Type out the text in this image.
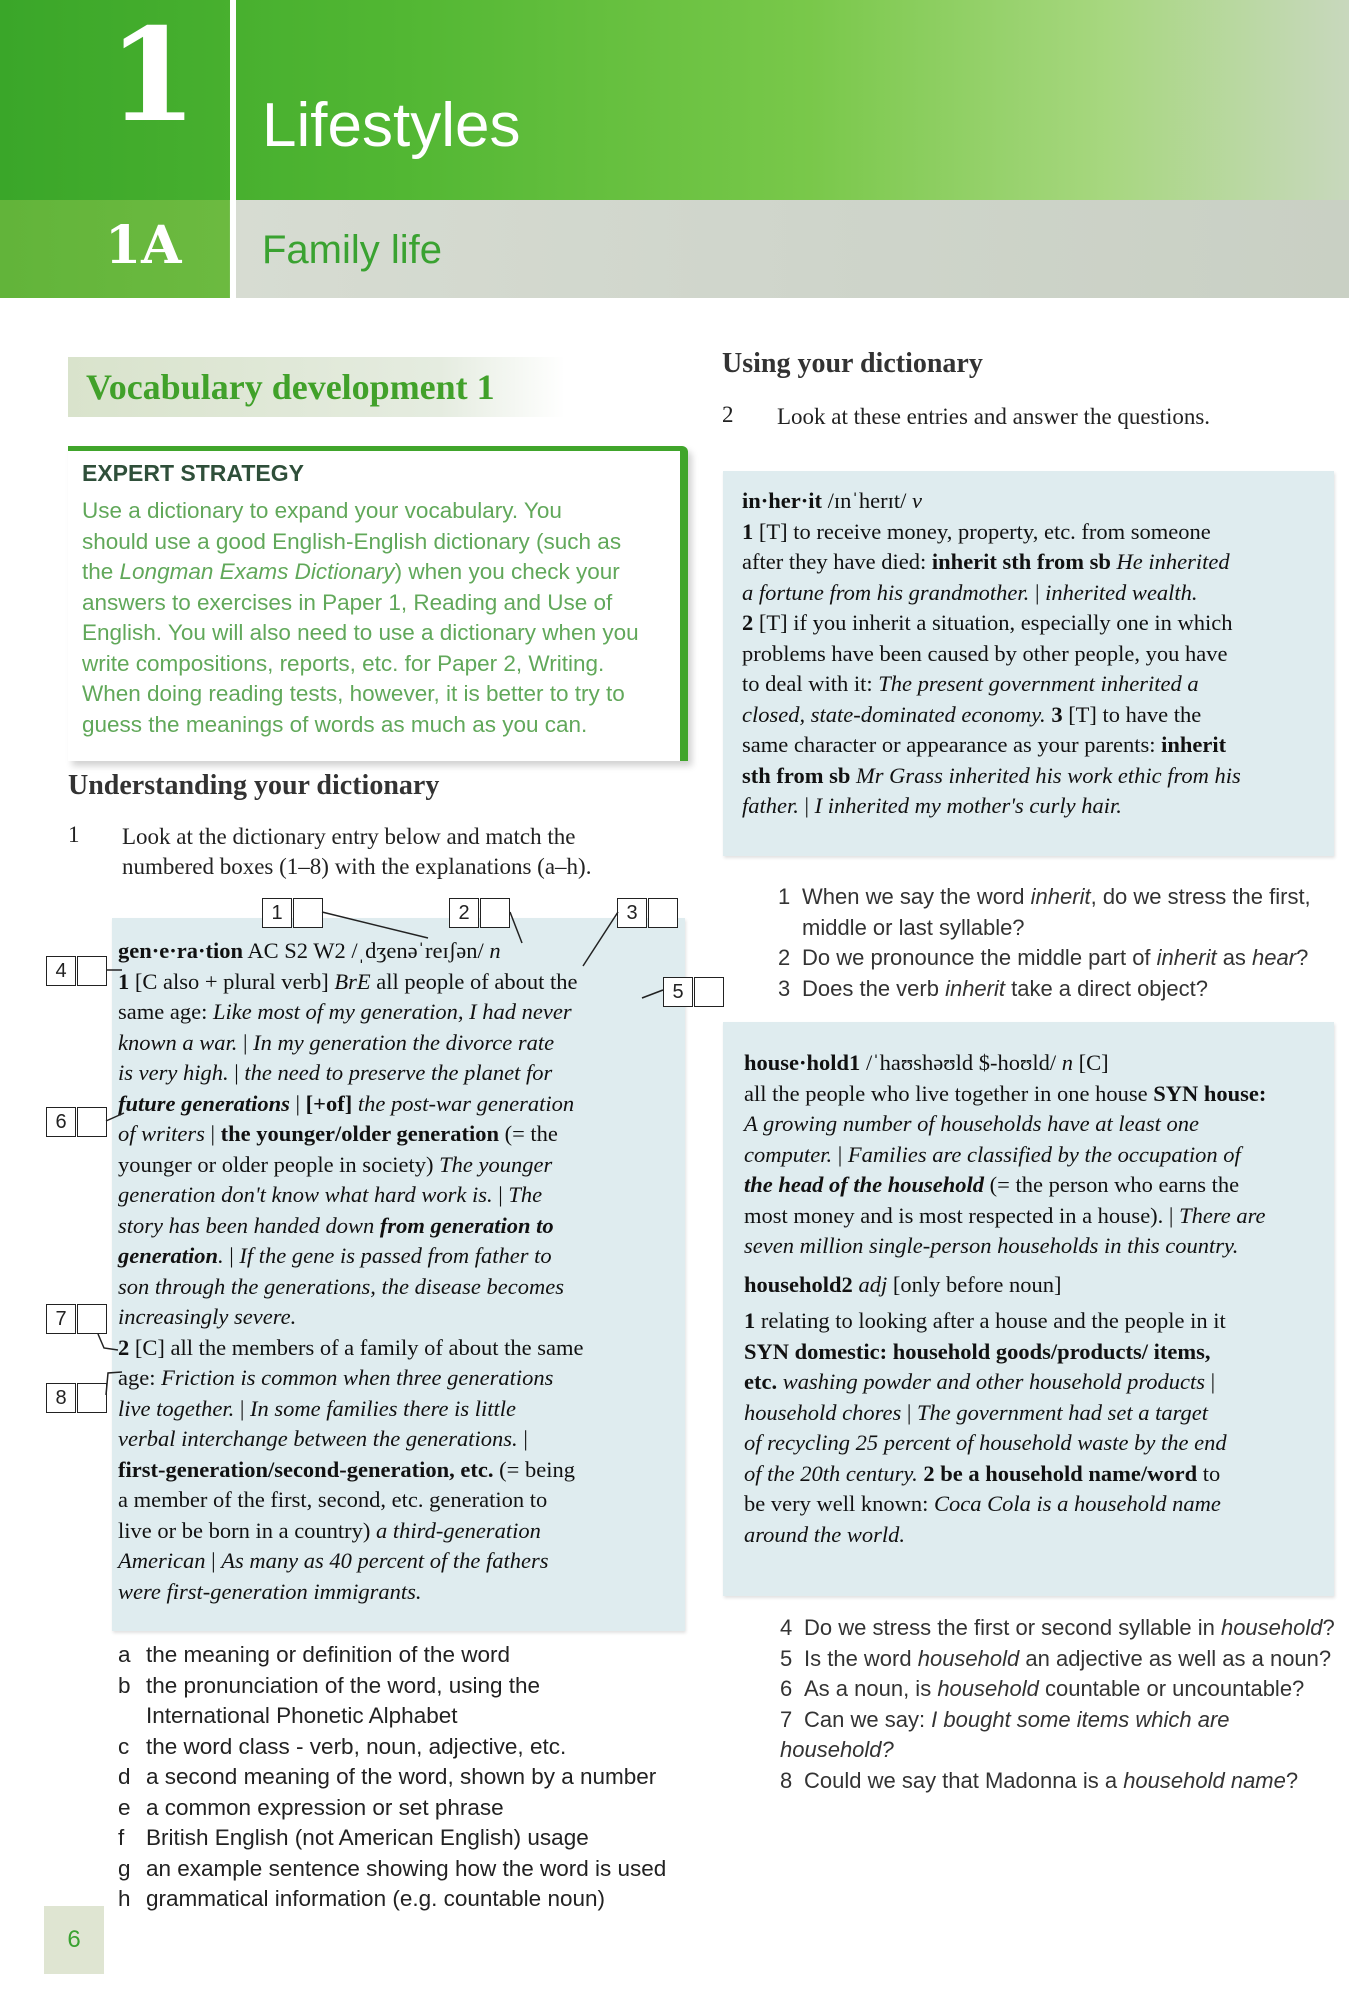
1 Lifestyles
1A Family life
Vocabulary development 1
EXPERT STRATEGY
Use a dictionary to expand your vocabulary. You
should use a good English-English dictionary (such as
the Longman Exams Dictionary) when you check your
answers to exercises in Paper 1, Reading and Use of
English. You will also need to use a dictionary when you
write compositions, reports, etc. for Paper 2, Writing.
When doing reading tests, however, it is better to try to
guess the meanings of words as much as you can.
Understanding your dictionary
1 Look at the dictionary entry below and match the
numbered boxes (1–8) with the explanations (a–h).
gen·e·ra·tion AC S2 W2 /ˌdʒenəˈreɪʃən/ n
1 [C also + plural verb] BrE all people of about the
same age: Like most of my generation, I had never
known a war. | In my generation the divorce rate
is very high. | the need to preserve the planet for
future generations | [+of] the post-war generation
of writers | the younger/older generation (= the
younger or older people in society) The younger
generation don't know what hard work is. | The
story has been handed down from generation to
generation. | If the gene is passed from father to
son through the generations, the disease becomes
increasingly severe.
2 [C] all the members of a family of about the same
age: Friction is common when three generations
live together. | In some families there is little
verbal interchange between the generations. |
first-generation/second-generation, etc. (= being
a member of the first, second, etc. generation to
live or be born in a country) a third-generation
American | As many as 40 percent of the fathers
were first-generation immigrants.
1	2	3
4
5
6
7
8
a the meaning or definition of the word
b the pronunciation of the word, using the
International Phonetic Alphabet
c the word class - verb, noun, adjective, etc.
d a second meaning of the word, shown by a number
e a common expression or set phrase
f British English (not American English) usage
g an example sentence showing how the word is used
h grammatical information (e.g. countable noun)
Using your dictionary
2 Look at these entries and answer the questions.
in·her·it /ɪnˈherɪt/ v
1 [T] to receive money, property, etc. from someone
after they have died: inherit sth from sb He inherited
a fortune from his grandmother. | inherited wealth.
2 [T] if you inherit a situation, especially one in which
problems have been caused by other people, you have
to deal with it: The present government inherited a
closed, state-dominated economy. 3 [T] to have the
same character or appearance as your parents: inherit
sth from sb Mr Grass inherited his work ethic from his
father. | I inherited my mother's curly hair.
1 When we say the word inherit, do we stress the first,
middle or last syllable?
2 Do we pronounce the middle part of inherit as hear?
3 Does the verb inherit take a direct object?
house·hold1 /ˈhaʊshəʊld $-hoʊld/ n [C]
all the people who live together in one house SYN house:
A growing number of households have at least one
computer. | Families are classified by the occupation of
the head of the household (= the person who earns the
most money and is most respected in a house). | There are
seven million single-person households in this country.
household2 adj [only before noun]
1 relating to looking after a house and the people in it
SYN domestic: household goods/products/ items,
etc. washing powder and other household products |
household chores | The government had set a target
of recycling 25 percent of household waste by the end
of the 20th century. 2 be a household name/word to
be very well known: Coca Cola is a household name
around the world.
4 Do we stress the first or second syllable in household?
5 Is the word household an adjective as well as a noun?
6 As a noun, is household countable or uncountable?
7 Can we say: I bought some items which are household?
8 Could we say that Madonna is a household name?
6
